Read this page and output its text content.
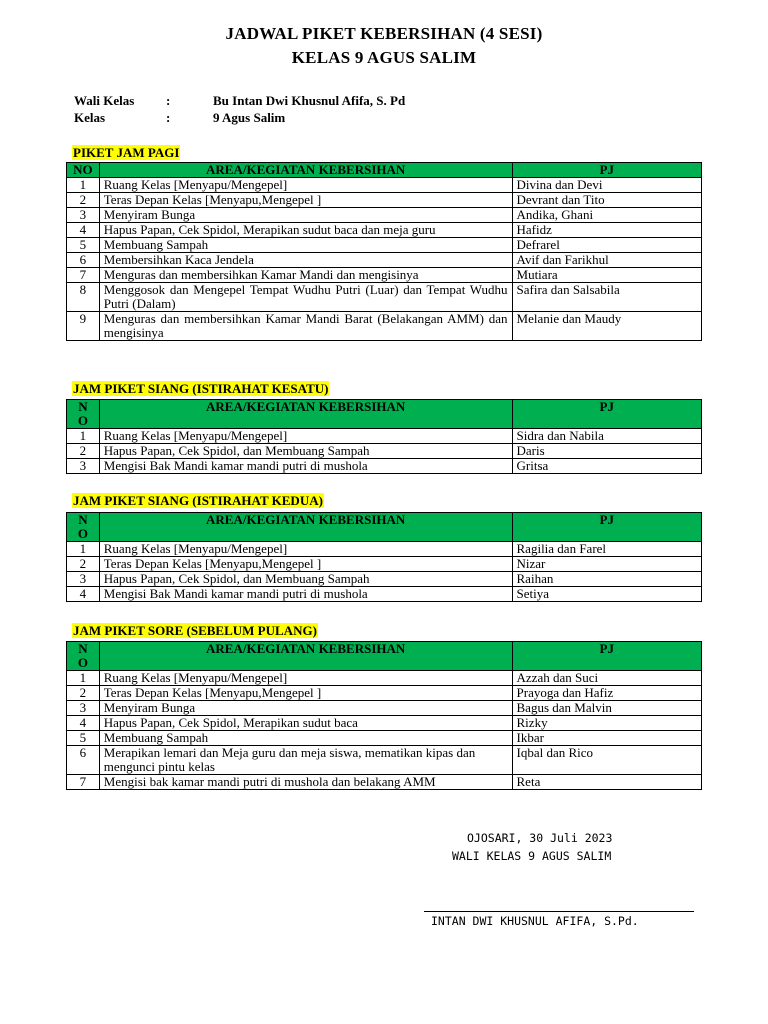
JADWAL PIKET KEBERSIHAN (4 SESI)
KELAS 9 AGUS SALIM
Wali Kelas :	Bu Intan Dwi Khusnul Afifa, S. Pd
Kelas	:	9 Agus Salim
PIKET JAM PAGI
NO	AREA/KEGIATAN KEBERSIHAN	PJ
1	Ruang Kelas [Menyapu/Mengepel]	Divina dan Devi
2	Teras Depan Kelas [Menyapu,Mengepel ]	Devrant dan Tito
3	Menyiram Bunga	Andika, Ghani
4	Hapus Papan, Cek Spidol, Merapikan sudut baca dan meja guru	Hafidz
5	Membuang Sampah	Defrarel
6	Membersihkan Kaca Jendela	Avif dan Farikhul
7	Menguras dan membersihkan Kamar Mandi dan mengisinya	Mutiara
8	Menggosok dan Mengepel Tempat Wudhu Putri (Luar) dan Tempat Wudhu Putri (Dalam)	Safira dan Salsabila
9	Menguras dan membersihkan Kamar Mandi Barat (Belakangan AMM) dan mengisinya	Melanie dan Maudy
JAM PIKET SIANG (ISTIRAHAT KESATU)
NO	AREA/KEGIATAN KEBERSIHAN	PJ
1	Ruang Kelas [Menyapu/Mengepel]	Sidra dan Nabila
2	Hapus Papan, Cek Spidol, dan Membuang Sampah	Daris
3	Mengisi Bak Mandi kamar mandi putri di mushola	Gritsa
JAM PIKET SIANG (ISTIRAHAT KEDUA)
NO	AREA/KEGIATAN KEBERSIHAN	PJ
1	Ruang Kelas [Menyapu/Mengepel]	Ragilia dan Farel
2	Teras Depan Kelas [Menyapu,Mengepel ]	Nizar
3	Hapus Papan, Cek Spidol, dan Membuang Sampah	Raihan
4	Mengisi Bak Mandi kamar mandi putri di mushola	Setiya
JAM PIKET SORE (SEBELUM PULANG)
NO	AREA/KEGIATAN KEBERSIHAN	PJ
1	Ruang Kelas [Menyapu/Mengepel]	Azzah dan Suci
2	Teras Depan Kelas [Menyapu,Mengepel ]	Prayoga dan Hafiz
3	Menyiram Bunga	Bagus dan Malvin
4	Hapus Papan, Cek Spidol, Merapikan sudut baca	Rizky
5	Membuang Sampah	Ikbar
6	Merapikan lemari dan Meja guru dan meja siswa, mematikan kipas dan mengunci pintu kelas	Iqbal dan Rico
7	Mengisi bak kamar mandi putri di mushola dan belakang AMM	Reta
OJOSARI, 30 Juli 2023
WALI KELAS 9 AGUS SALIM
INTAN DWI KHUSNUL AFIFA, S.Pd.
